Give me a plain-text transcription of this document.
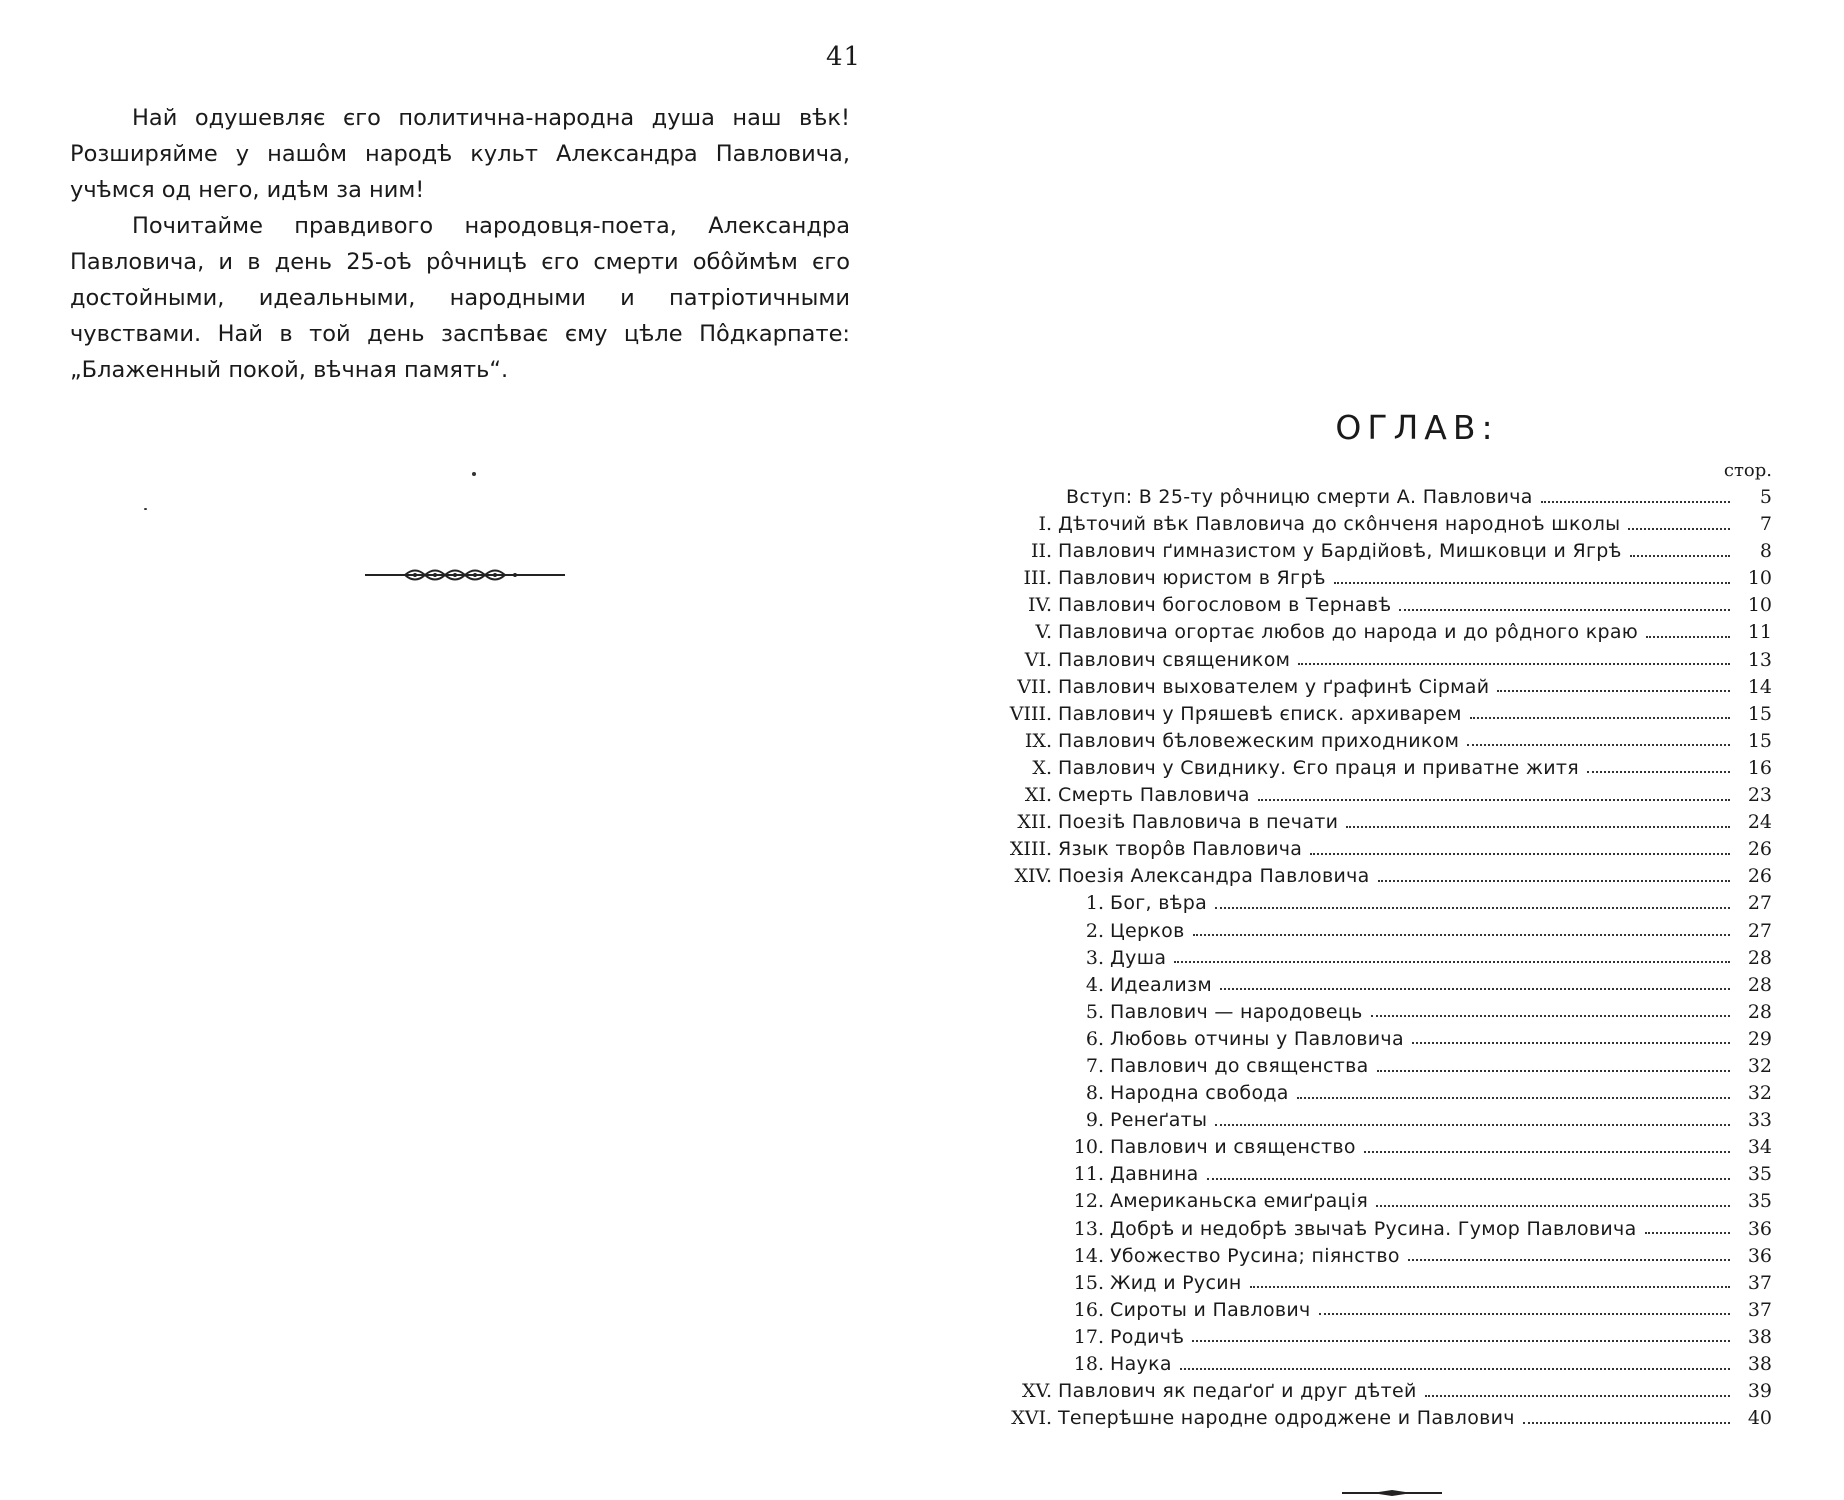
41

Най одушевляє єго политична-народна душа наш вѣк! Розширяйме у нашôм народѣ культ Александра Павловича, учѣмся од него, идѣм за ним!

Почитайме правдивого народовця-поета, Александра Павловича, и в день 25-оѣ рôчницѣ єго смерти обôймѣм єго достойными, идеальными, народными и патріотичными чувствами. Най в той день заспѣває єму цѣле Пôдкарпате: „Блаженный покой, вѣчная память“.

ОГЛАВ:
стор.
Вступ: В 25-ту рôчницю смерти А. Павловича	5
I. Дѣточий вѣк Павловича до скôнченя народноѣ школы	7
II. Павлович ґимназистом у Бардійовѣ, Мишковци и Ягрѣ	8
III. Павлович юристом в Ягрѣ	10
IV. Павлович богословом в Тернавѣ	10
V. Павловича огортає любов до народа и до рôдного краю	11
VI. Павлович священиком	13
VII. Павлович выхователем у ґрафинѣ Сірмай	14
VIII. Павлович у Пряшевѣ єписк. архиварем	15
IX. Павлович бѣловежеским приходником	15
X. Павлович у Свиднику. Єго праця и приватне житя	16
XI. Смерть Павловича	23
XII. Поезіѣ Павловича в печати	24
XIII. Язык творôв Павловича	26
XIV. Поезія Александра Павловича	26
1. Бог, вѣра	27
2. Церков	27
3. Душа	28
4. Идеализм	28
5. Павлович — народовець	28
6. Любовь отчины у Павловича	29
7. Павлович до священства	32
8. Народна свобода	32
9. Ренеґаты	33
10. Павлович и священство	34
11. Давнина	35
12. Американьска емиґрація	35
13. Добрѣ и недобрѣ звычаѣ Русина. Гумор Павловича	36
14. Убожество Русина; піянство	36
15. Жид и Русин	37
16. Сироты и Павлович	37
17. Родичѣ	38
18. Наука	38
XV. Павлович як педаґоґ и друг дѣтей	39
XVI. Теперѣшне народне одроджене и Павлович	40
